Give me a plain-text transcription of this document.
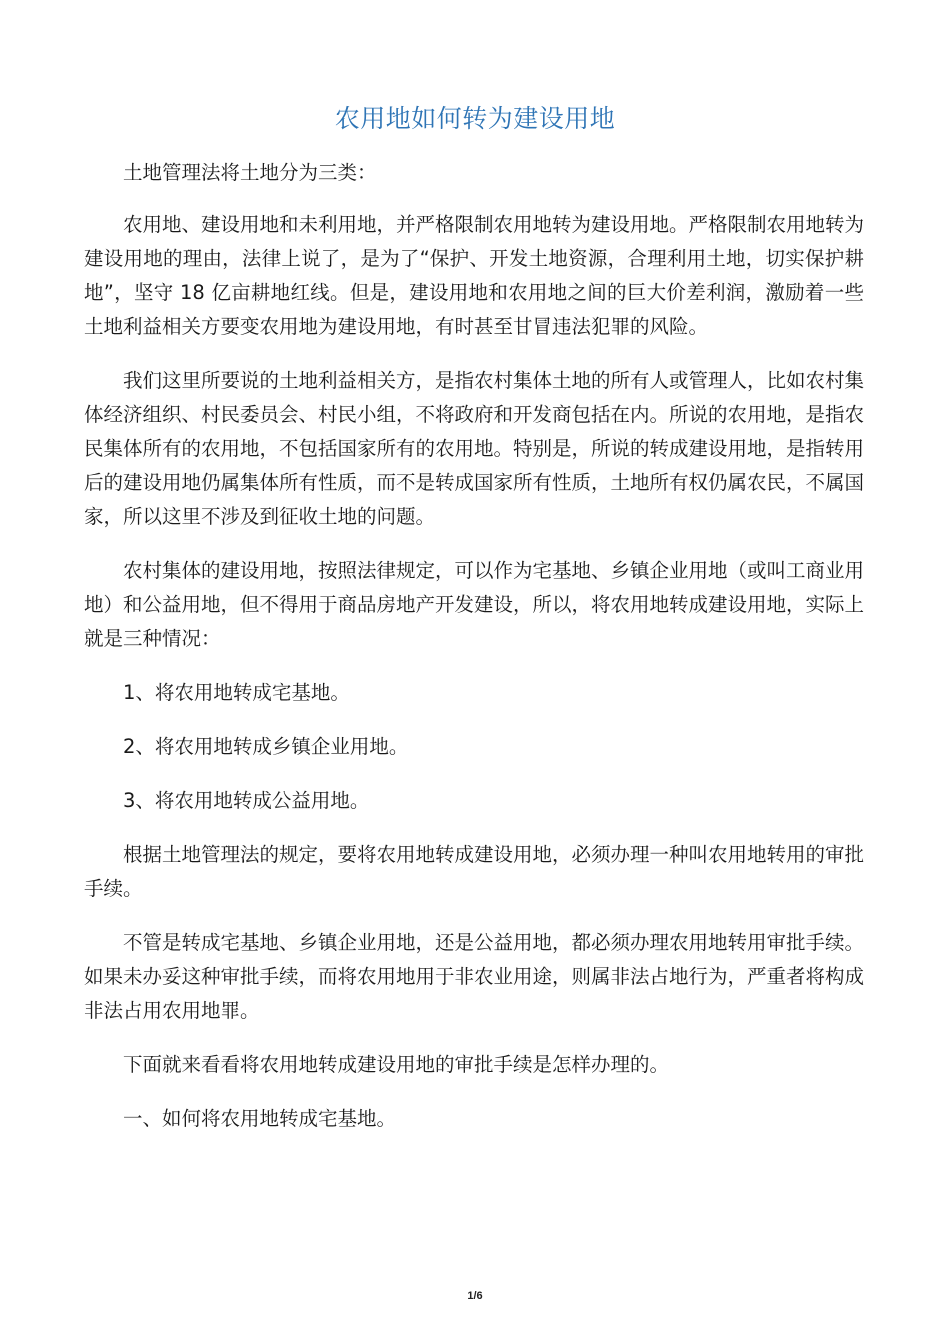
农用地如何转为建设用地

土地管理法将土地分为三类：

农用地、建设用地和未利用地，并严格限制农用地转为建设用地。严格限制农用地转为建设用地的理由，法律上说了，是为了“保护、开发土地资源，合理利用土地，切实保护耕地”，坚守 18 亿亩耕地红线。但是，建设用地和农用地之间的巨大价差利润，激励着一些土地利益相关方要变农用地为建设用地，有时甚至甘冒违法犯罪的风险。

我们这里所要说的土地利益相关方，是指农村集体土地的所有人或管理人，比如农村集体经济组织、村民委员会、村民小组，不将政府和开发商包括在内。所说的农用地，是指农民集体所有的农用地，不包括国家所有的农用地。特别是，所说的转成建设用地，是指转用后的建设用地仍属集体所有性质，而不是转成国家所有性质，土地所有权仍属农民，不属国家，所以这里不涉及到征收土地的问题。

农村集体的建设用地，按照法律规定，可以作为宅基地、乡镇企业用地（或叫工商业用地）和公益用地，但不得用于商品房地产开发建设，所以，将农用地转成建设用地，实际上就是三种情况：

1、将农用地转成宅基地。

2、将农用地转成乡镇企业用地。

3、将农用地转成公益用地。

根据土地管理法的规定，要将农用地转成建设用地，必须办理一种叫农用地转用的审批手续。

不管是转成宅基地、乡镇企业用地，还是公益用地，都必须办理农用地转用审批手续。如果未办妥这种审批手续，而将农用地用于非农业用途，则属非法占地行为，严重者将构成非法占用农用地罪。

下面就来看看将农用地转成建设用地的审批手续是怎样办理的。

一、如何将农用地转成宅基地。

1/6
